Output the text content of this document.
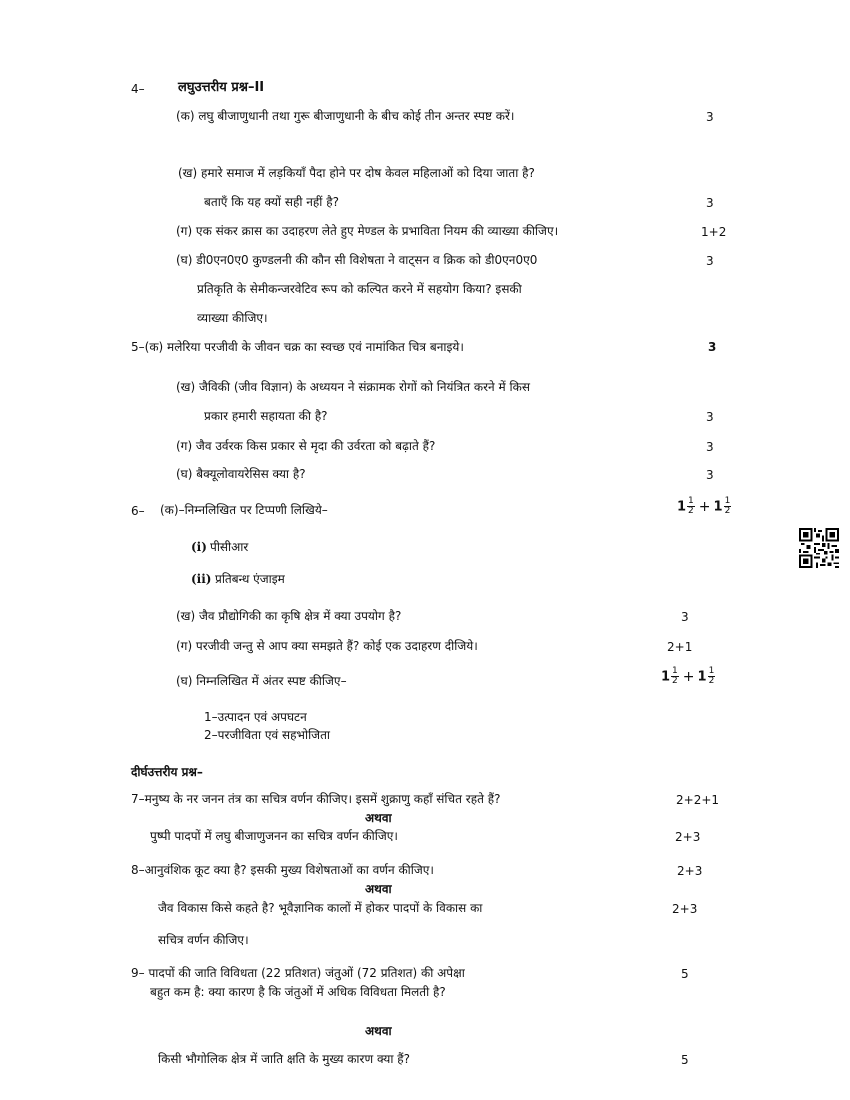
4–	लघुउत्तरीय प्रश्न–II
(क) लघु बीजाणुधानी तथा गुरू बीजाणुधानी के बीच कोई तीन अन्तर स्पष्ट करें।	3
(ख) हमारे समाज में लड़कियाँ पैदा होने पर दोष केवल महिलाओं को दिया जाता है?
बताएँ कि यह क्यों सही नहीं है?	3
(ग) एक संकर क्रास का उदाहरण लेते हुए मेण्डल के प्रभाविता नियम की व्याख्या कीजिए।	1+2
(घ) डी0एन0ए0 कुण्डलनी की कौन सी विशेषता ने वाट्सन व क्रिक को डी0एन0ए0	3
प्रतिकृति के सेमीकन्जरवेटिव रूप को कल्पित करने में सहयोग किया? इसकी
व्याख्या कीजिए।
5–(क) मलेरिया परजीवी के जीवन चक्र का स्वच्छ एवं नामांकित चित्र बनाइये।	3
(ख) जैविकी (जीव विज्ञान) के अध्ययन ने संक्रामक रोगों को नियंत्रित करने में किस
प्रकार हमारी सहायता की है?	3
(ग) जैव उर्वरक किस प्रकार से मृदा की उर्वरता को बढ़ाते हैं?	3
(घ) बैक्यूलोवायरेसिस क्या है?	3
6– (क)–निम्नलिखित पर टिप्पणी लिखिये–	$1 \frac{1}{2} + 1 \frac{1}{2}$
(i) पीसीआर
(ii) प्रतिबन्ध एंजाइम
(ख) जैव प्रौद्योगिकी का कृषि क्षेत्र में क्या उपयोग है?	3
(ग) परजीवी जन्तु से आप क्या समझते हैं? कोई एक उदाहरण दीजिये।	2+1
(घ) निम्नलिखित में अंतर स्पष्ट कीजिए–	$1 \frac{1}{2} + 1 \frac{1}{2}$
1–उत्पादन एवं अपघटन
2–परजीविता एवं सहभोजिता
दीर्घउत्तरीय प्रश्न–
7–मनुष्य के नर जनन तंत्र का सचित्र वर्णन कीजिए। इसमें शुक्राणु कहाँ संचित रहते हैं?	2+2+1
अथवा
पुष्पी पादपों में लघु बीजाणुजनन का सचित्र वर्णन कीजिए।	2+3
8–आनुवंशिक कूट क्या है? इसकी मुख्य विशेषताओं का वर्णन कीजिए।	2+3
अथवा
जैव विकास किसे कहते है? भूवैज्ञानिक कालों में होकर पादपों के विकास का	2+3
सचित्र वर्णन कीजिए।
9– पादपों की जाति विविधता (22 प्रतिशत) जंतुओं (72 प्रतिशत) की अपेक्षा	5
बहुत कम है: क्या कारण है कि जंतुओं में अधिक विविधता मिलती है?
अथवा
किसी भौगोलिक क्षेत्र में जाति क्षति के मुख्य कारण क्या हैं?	5
